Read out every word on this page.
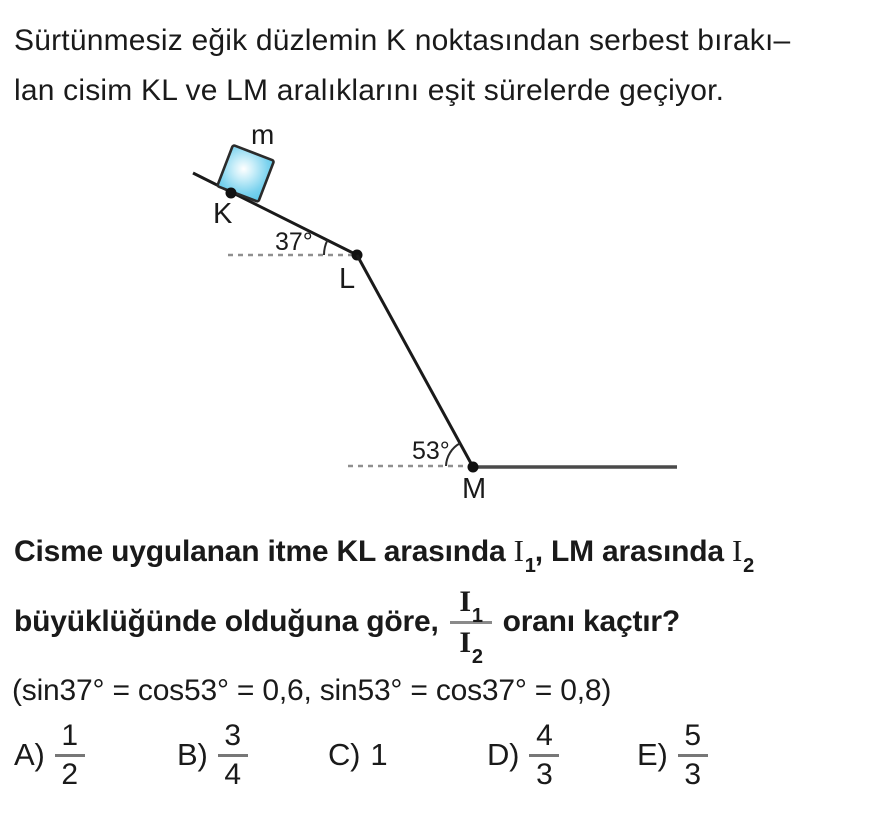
Sürtünmesiz eğik düzlemin K noktasından serbest bırakı–
lan cisim KL ve LM aralıklarını eşit sürelerde geçiyor.
m
K
37°
L
53°
M
Cisme uygulanan itme KL arasında $I_1$, LM arasında $I_2$
büyüklüğünde olduğuna göre, $\frac{I_1}{I_2}$ oranı kaçtır?
(sin37° = cos53° = 0,6, sin53° = cos37° = 0,8)
$A) \frac{1}{2}$	$B) \frac{3}{4}$	C) 1	$D) \frac{4}{3}$	$E) \frac{5}{3}$
